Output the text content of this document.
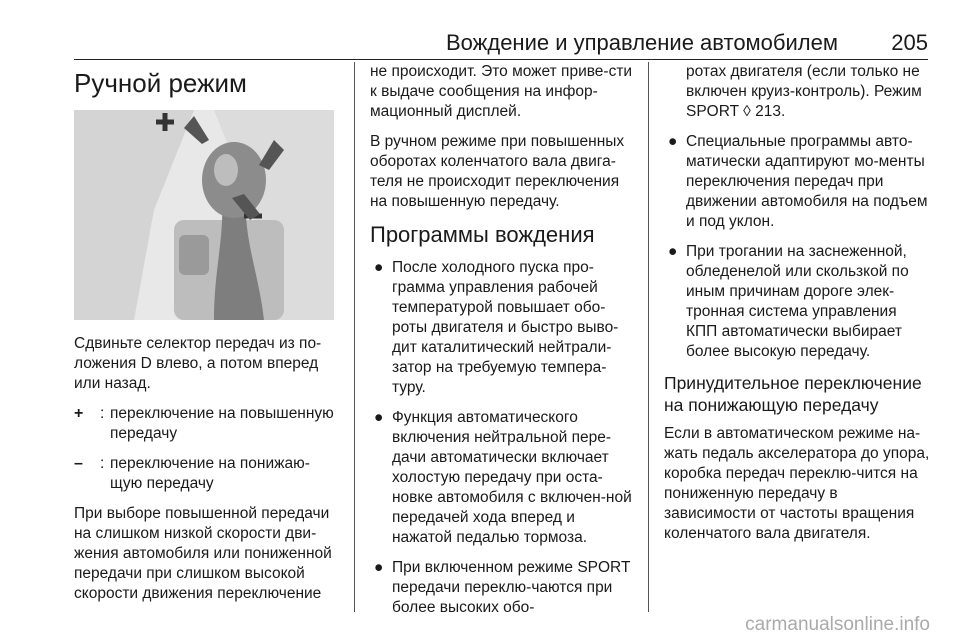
Вождение и управление автомобилем 205
Ручной режим

Сдвиньте селектор передач из по-ложения D влево, а потом вперед или назад.

+	: переключение на повышенную передачу
–	: переключение на понижаю-щую передачу

При выборе повышенной передачи на слишком низкой скорости дви-жения автомобиля или пониженной передачи при слишком высокой скорости движения переключение

не происходит. Это может приве-сти к выдаче сообщения на инфор-мационный дисплей.

В ручном режиме при повышенных оборотах коленчатого вала двига-теля не происходит переключения на повышенную передачу.

Программы вождения
● После холодного пуска про-грамма управления рабочей температурой повышает обо-роты двигателя и быстро выво-дит каталитический нейтрали-затор на требуемую темпера-туру.
● Функция автоматического включения нейтральной пере-дачи автоматически включает холостую передачу при оста-новке автомобиля с включен-ной передачей хода вперед и нажатой педалью тормоза.
● При включенном режиме SPORT передачи переклю-чаются при более высоких обо-

ротах двигателя (если только не включен круиз-контроль). Режим SPORT ◊ 213.

● Специальные программы авто-матически адаптируют мо-менты переключения передач при движении автомобиля на подъем и под уклон.
● При трогании на заснеженной, обледенелой или скользкой по иным причинам дороге элек-тронная система управления КПП автоматически выбирает более высокую передачу.
Принудительное переключение на понижающую передачу

Если в автоматическом режиме на-жать педаль акселератора до упора, коробка передач переклю-чится на пониженную передачу в зависимости от частоты вращения коленчатого вала двигателя.

carmanualsonline.info
